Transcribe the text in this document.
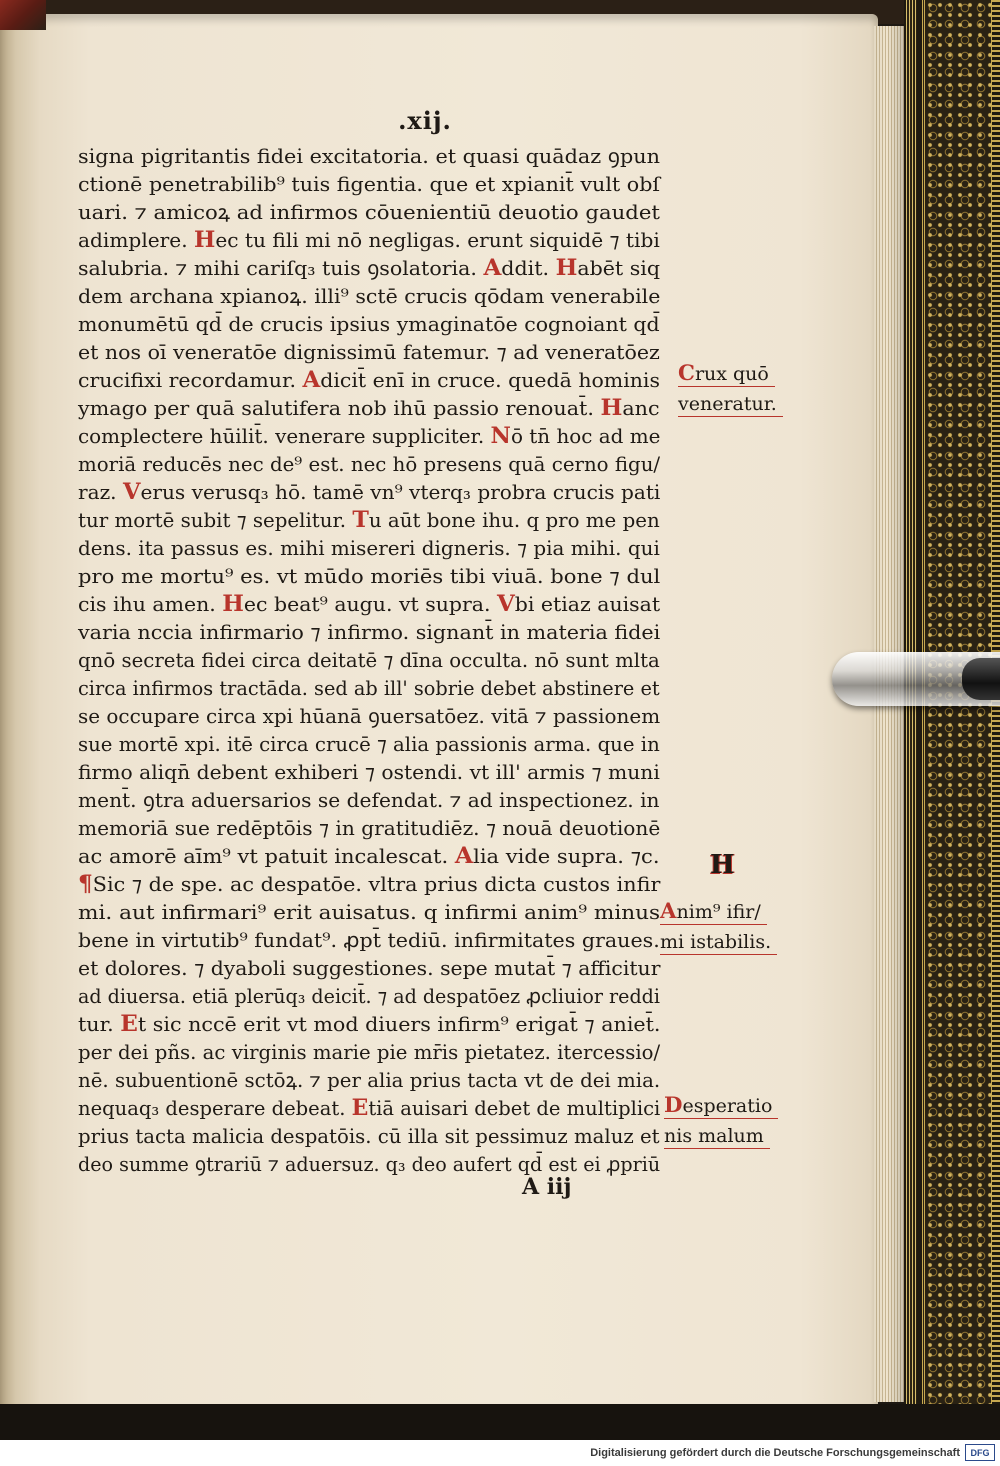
.xij.
signa pigritantis fidei excitatoria. et quasi quādaz ꝯpun
ctionē penetrabilib⁹ tuis figentia. que et xpianit̄ vult obſ
uari. ⁊ amicoꝝ ad infirmos cōuenientiū deuotio gaudet
adimplere. Hec tu fili mi nō negligas. erunt siquidē ⁊ tibi
salubria. ⁊ mihi cariſq₃ tuis ꝯsolatoria. Addit. Habēt siq
dem archana xpianoꝝ. illi⁹ sctē crucis qōdam venerabile
monumētū qd̄ de crucis ipsius ymaginatōe cognoiant qd̄
et nos oī veneratōe dignissimū fatemur. ⁊ ad veneratōez
crucifixi recordamur. Adicit̄ enī in cruce. quedā hominis
ymago per quā salutifera nob ihū passio renouat̄. Hanc
complectere hūilit̄. venerare suppliciter. Nō tn̄ hoc ad me
moriā reducēs nec de⁹ est. nec hō presens quā cerno figu/
raz. Verus verusq₃ hō. tamē vn⁹ vterq₃ probra crucis pati
tur mortē subit ⁊ sepelitur. Tu aūt bone ihu. q pro me pen
dens. ita passus es. mihi misereri digneris. ⁊ pia mihi. qui
pro me mortu⁹ es. vt mūdo moriēs tibi viuā. bone ⁊ dul
cis ihu amen. Hec beat⁹ augu. vt supra. Vbi etiaz auisat
varia nccia infirmario ⁊ infirmo. signant̄ in materia fidei
qnō secreta fidei circa deitatē ⁊ dīna occulta. nō sunt mlta
circa infirmos tractāda. sed ab ill' sobrie debet abstinere et
se occupare circa xpi hūanā ꝯuersatōez. vitā ⁊ passionem
sue mortē xpi. itē circa crucē ⁊ alia passionis arma. que in
firmo aliqn̄ debent exhiberi ⁊ ostendi. vt ill' armis ⁊ muni
ment̄. ꝯtra aduersarios se defendat. ⁊ ad inspectionez. in
memoriā sue redēptōis ⁊ in gratitudiēz. ⁊ nouā deuotionē
ac amorē aīm⁹ vt patuit incalescat. Alia vide supra. ⁊c.
¶Sic ⁊ de spe. ac despatōe. vltra prius dicta custos infir
mi. aut infirmari⁹ erit auisatus. q infirmi anim⁹ minus
bene in virtutib⁹ fundat⁹. ꝓpt̄ tediū. infirmitates graues.
et dolores. ⁊ dyaboli suggestiones. sepe mutat̄ ⁊ afficitur
ad diuersa. etiā plerūq₃ deicit̄. ⁊ ad despatōez ꝓcliuior reddi
tur. Et sic nccē erit vt mod diuers infirm⁹ erigat̄ ⁊ aniet̄.
per dei pñs. ac virginis marie pie mr̄is pietatez. itercessio/
nē. subuentionē sctōꝝ. ⁊ per alia prius tacta vt de dei mia.
nequaq₃ desperare debeat. Etiā auisari debet de multiplici
prius tacta malicia despatōis. cū illa sit pessimuz maluz et
deo summe ꝯtrariū ⁊ aduersuz. q₃ deo aufert qd̄ est ei ꝓpriū
A iij
Crux quō
veneratur.
H
Anim⁹ ifir/
mi istabilis.
Desperatio
nis malum
Digitalisierung gefördert durch die Deutsche Forschungsgemeinschaft	DFG
